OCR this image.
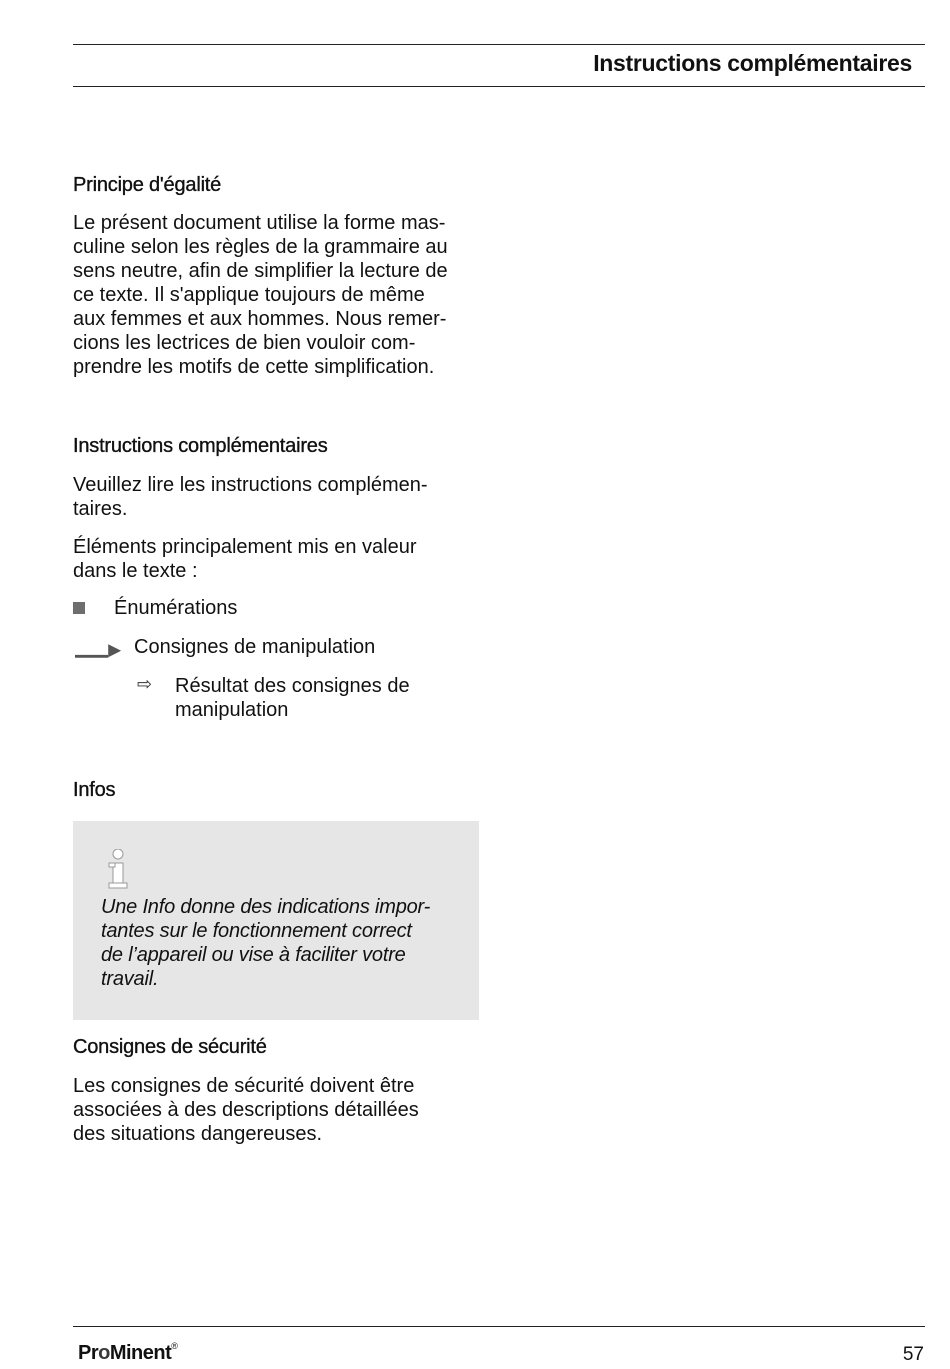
Instructions complémentaires
Principe d'égalité

Le présent document utilise la forme mas-

culine selon les règles de la grammaire au

sens neutre, afin de simplifier la lecture de

ce texte. Il s'applique toujours de même

aux femmes et aux hommes. Nous remer-

cions les lectrices de bien vouloir com-

prendre les motifs de cette simplification.

Instructions complémentaires

Veuillez lire les instructions complémen-

taires.

Éléments principalement mis en valeur

dans le texte :

Énumérations
Consignes de manipulation
⇨ Résultat des consignes de

manipulation

Infos

Une Info donne des indications impor-

tantes sur le fonctionnement correct

de l’appareil ou vise à faciliter votre

travail.

Consignes de sécurité

Les consignes de sécurité doivent être

associées à des descriptions détaillées

des situations dangereuses.

ProMinent®	57
